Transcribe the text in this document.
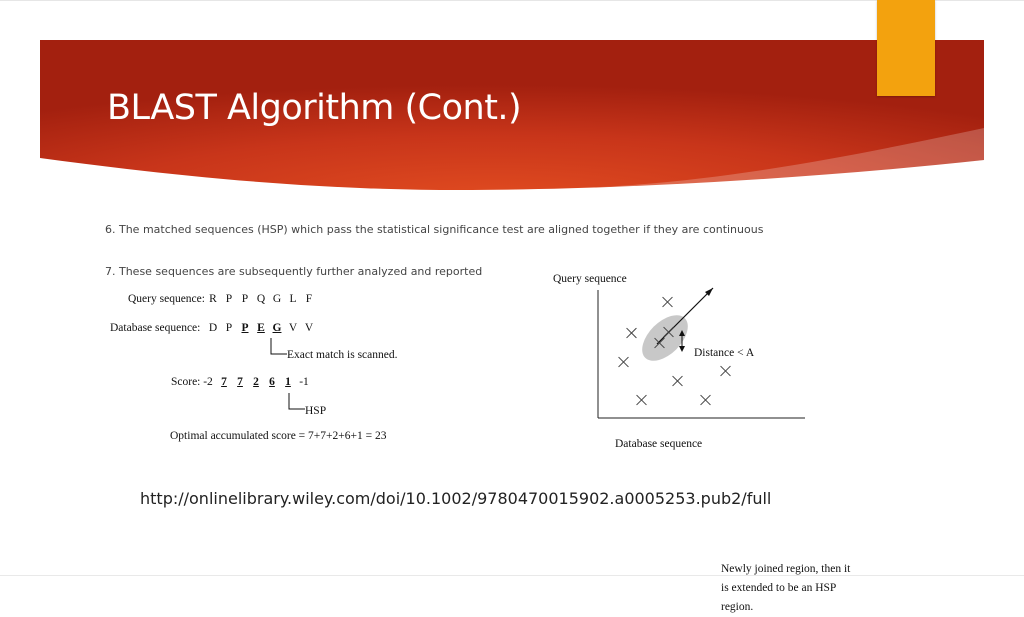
BLAST Algorithm (Cont.)

6. The matched sequences (HSP) which pass the statistical significance test are aligned together if they are continuous

7. These sequences are subsequently further analyzed and reported

Query sequence: R P P Q G L F

Database sequence: D P P E G V V

Exact match is scanned.

Score: -2 7 7 2 6 1 -1

HSP

Optimal accumulated score = 7+7+2+6+1 = 23

Query sequence

Database sequence

Newly joined region, then it is extended to be an HSP region.

Distance < A

http://onlinelibrary.wiley.com/doi/10.1002/9780470015902.a0005253.pub2/full
